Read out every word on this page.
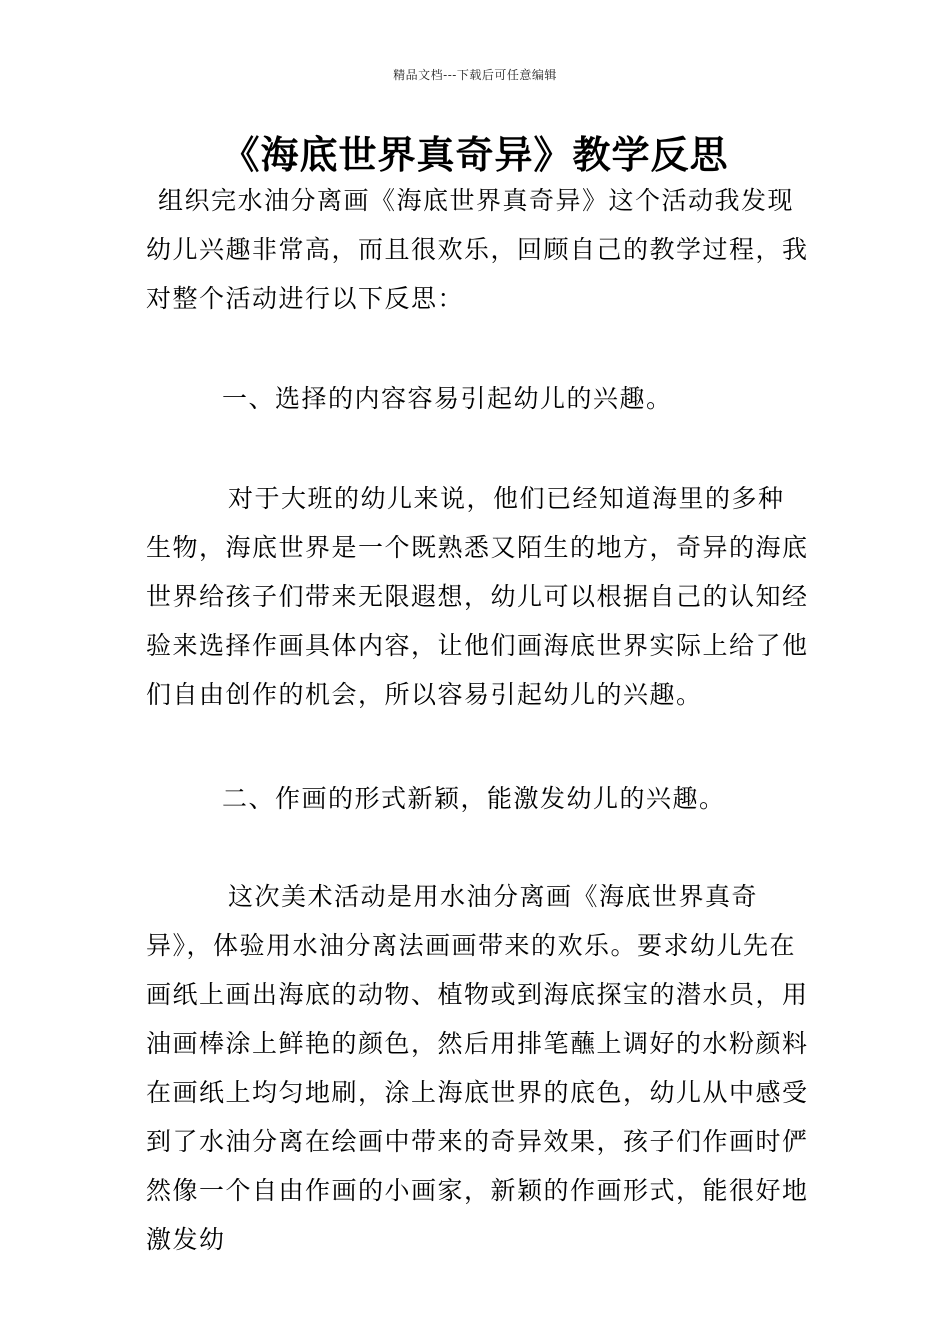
精品文档---下载后可任意编辑
《海底世界真奇异》教学反思

组织完水油分离画《海底世界真奇异》这个活动我发现幼儿兴趣非常高，而且很欢乐，回顾自己的教学过程，我对整个活动进行以下反思：

一、选择的内容容易引起幼儿的兴趣。

对于大班的幼儿来说，他们已经知道海里的多种生物，海底世界是一个既熟悉又陌生的地方，奇异的海底世界给孩子们带来无限遐想，幼儿可以根据自己的认知经验来选择作画具体内容，让他们画海底世界实际上给了他们自由创作的机会，所以容易引起幼儿的兴趣。

二、作画的形式新颖，能激发幼儿的兴趣。

这次美术活动是用水油分离画《海底世界真奇异》，体验用水油分离法画画带来的欢乐。要求幼儿先在画纸上画出海底的动物、植物或到海底探宝的潜水员，用油画棒涂上鲜艳的颜色，然后用排笔蘸上调好的水粉颜料在画纸上均匀地刷，涂上海底世界的底色，幼儿从中感受到了水油分离在绘画中带来的奇异效果，孩子们作画时俨然像一个自由作画的小画家，新颖的作画形式，能很好地激发幼
